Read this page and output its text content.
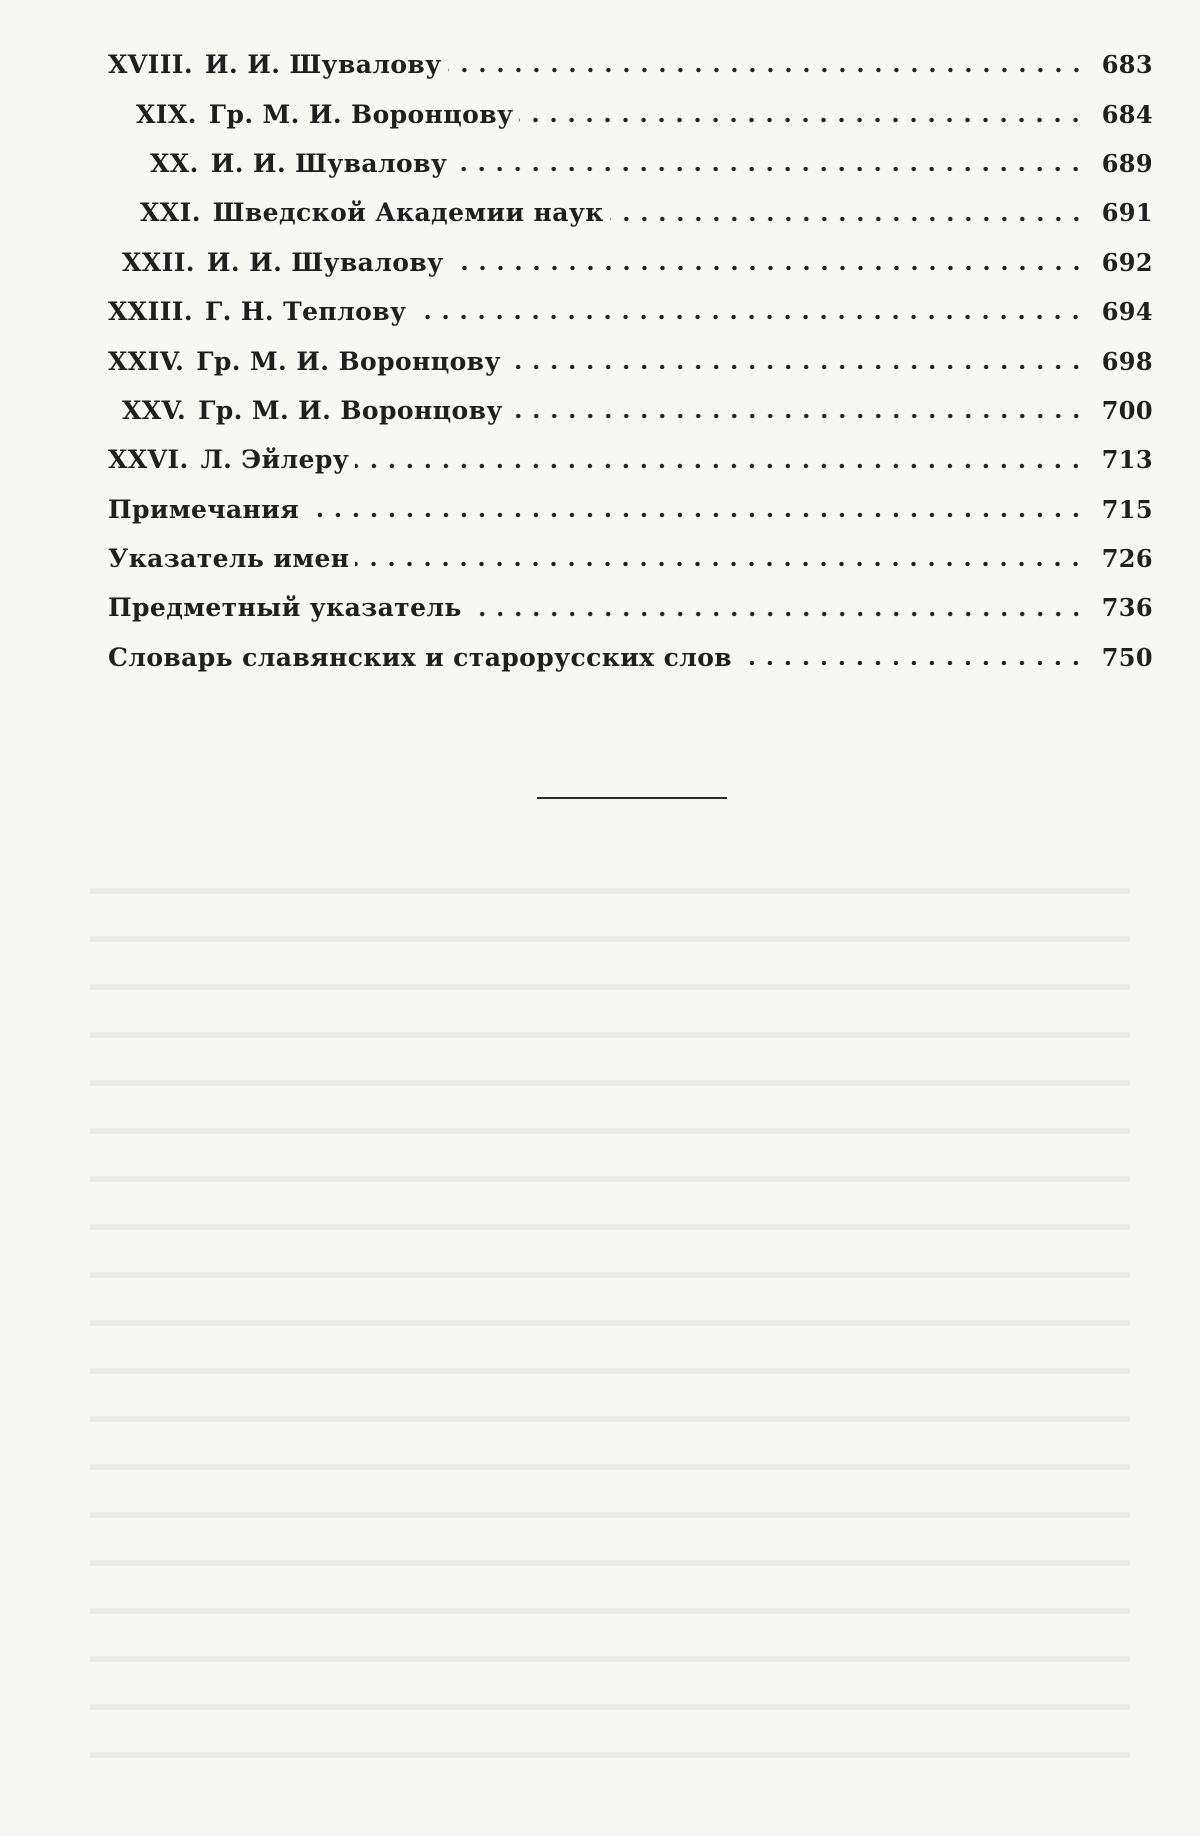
XVIII. И. И. Шувалову	683
XIX. Гр. М. И. Воронцову	684
XX. И. И. Шувалову	689
XXI. Шведской Академии наук	691
XXII. И. И. Шувалову	692
XXIII. Г. Н. Теплову	694
XXIV. Гр. М. И. Воронцову	698
XXV. Гр. М. И. Воронцову	700
XXVI. Л. Эйлеру	713
Примечания	715
Указатель имен	726
Предметный указатель	736
Словарь славянских и старорусских слов	750
